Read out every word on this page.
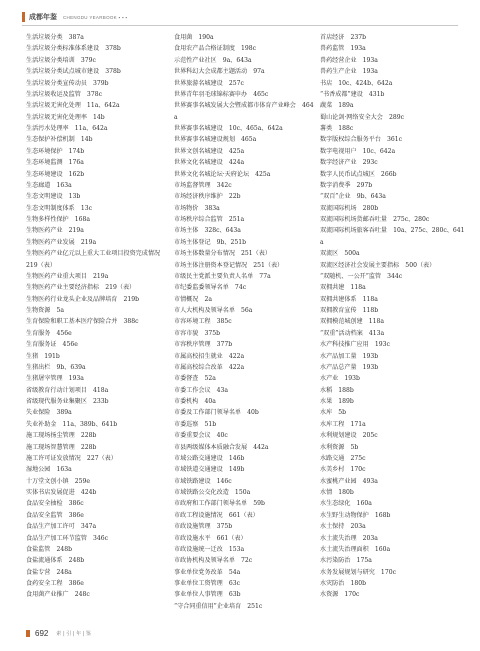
成都年鉴 CHENGDU YEARBOOK ▪ ▪ ▪

生活垃圾分类　387a

生活垃圾分类标准体系建设　378b

生活垃圾分类培训　379c

生活垃圾分类试点城市建设　378b

生活垃圾分类宣传动员　379b

生活垃圾收运及监管　378c

生活垃圾无害化处理　11a、642a

生活垃圾无害化处理率　14b

生活污水处理率　11a、642a

生态保护补偿机制　14b

生态环境保护　174b

生态环境监测　176a

生态环境建设　162b

生态廊道　163a

生态文明建设　13b

生态文明制度体系　13c

生物多样性保护　168a

生物医药产业　219a

生物医药产业发展　219a

生物医药产业亿元以上重大工业项目投资完成情况　219（表）

生物医药产业重大项目　219a

生物医药产业主要经济指标　219（表）

生物医药行业龙头企业及品牌培育　219b

生物资源　5a

生育保险和职工基本医疗保险合并　388c

生育服务　456e

生育服务证　456e

生猪　191b

生猪出栏　9b、639a

生猪屠宰管理　193a

省级教育行动计划项目　418a

省级现代服务业集聚区　233b

失业保险　389a

失业补助金　11a、389b、641b

施工现场扬尘管理　228b

施工现场智慧管理　228b

施工许可证发放情况　227（表）

湿地公园　163a

十万堂文创小镇　259e

实体书店发展促进　424b

食品安全抽检　386c

食品安全监管　386e

食品生产加工许可　347a

食品生产加工环节监管　346c

食盐监管　248b

食盐流通体系　248b

食盐专营　248a

食药安全工程　386e

食用菌产业推广　248c

食用菌　190a

食用农产品合格证制度　198c

示范性产业社区　9a、643a

世界科幻大会成都主题活动　97a

世界旅游名城建设　257c

世界青年羽毛球锦标赛申办　465c

世界赛事名城发展大会暨成都市体育产业峰会　464a

世界赛事名城建设　10c、465a、642a

世界赛事名城建设规划　465a

世界文创名城建设　425a

世界文化名城建设　424a

世界文化名城论坛·天府论坛　425a

市场监督管理　342c

市场经济秩序维护　22b

市场物价　383a

市场秩序综合监管　251a

市场主体　328c、643a

市场主体登记　9b、251b

市场主体数量分布情况　251（表）

市场主体注册资本登记情况　251（表）

市级民主党派主要负责人名单　77a

市纪委监委领导名单　74c

市情概况　2a

市人大机构及领导名单　56a

市容环境工程　385c

市容市貌　375b

市容秩序管理　377b

市属高校招生就业　422a

市属高校综合改革　422a

市委督查　52a

市委工作会议　43a

市委机构　40a

市委及工作部门领导名单　40b

市委巡察　51b

市委重要会议　40c

市县两级媒体本质融合发展　442a

市域公路交通建设　146b

市域铁道交通建设　149b

市域铁路建设　146c

市域铁路公交化改造　150a

市政府和工作部门领导名单　59b

市政工程设施情况　661（表）

市政设施管理　375b

市政设施水平　661（表）

市政设施统一迁改　153a

市政协机构及领导名单　72c

事业单位党务改革　54a

事业单位工资管理　63c

事业单位人事管理　63b

“守合同重信用”企业培育　251c

首店经济　237b

兽药监管　193a

兽药经营企业　193a

兽药生产企业　193a

书店　10c、424b、642a

“书香成都”建设　431b

蔬菜　189a

蜀山论剑·网络安全大会　289c

薯类　188c

数字版权综合服务平台　361c

数字电视用户　10c、642a

数字经济产业　293c

数字人民币试点城区　266b

数字消费季　297b

“双百”企业　9b、643a

双流国际机场　280b

双流国际机场货邮吞吐量　275c、280c

双流国际机场旅客吞吐量　10a、275c、280c、641a

双流区　500a

双流区经济社会发展主要指标　500（表）

“双随机、一公开”监管　344c

双拥共建　118a

双拥共建体系　118a

双拥教育宣传　118b

双拥模范城创建　118a

“双重”活动档案　413a

水产科技推广应用　193c

水产品加工量　193b

水产品总产量　193b

水产业　193b

水稻　188b

水果　189b

水库　5b

水库工程　171a

水利规划建设　205c

水利资源　5b

水路交通　275c

水美乡村　170c

水蜜桃产业园　493a

水情　180b

水生态绿化　160a

水生野生动物保护　168b

水土保持　203a

水土流失治理　203a

水土流失治理面积　160a

水污染防治　175a

水务发展规划与研究　170c

水灾防治　180b

水资源　170c

692 索 | 引 | 年 | 鉴
